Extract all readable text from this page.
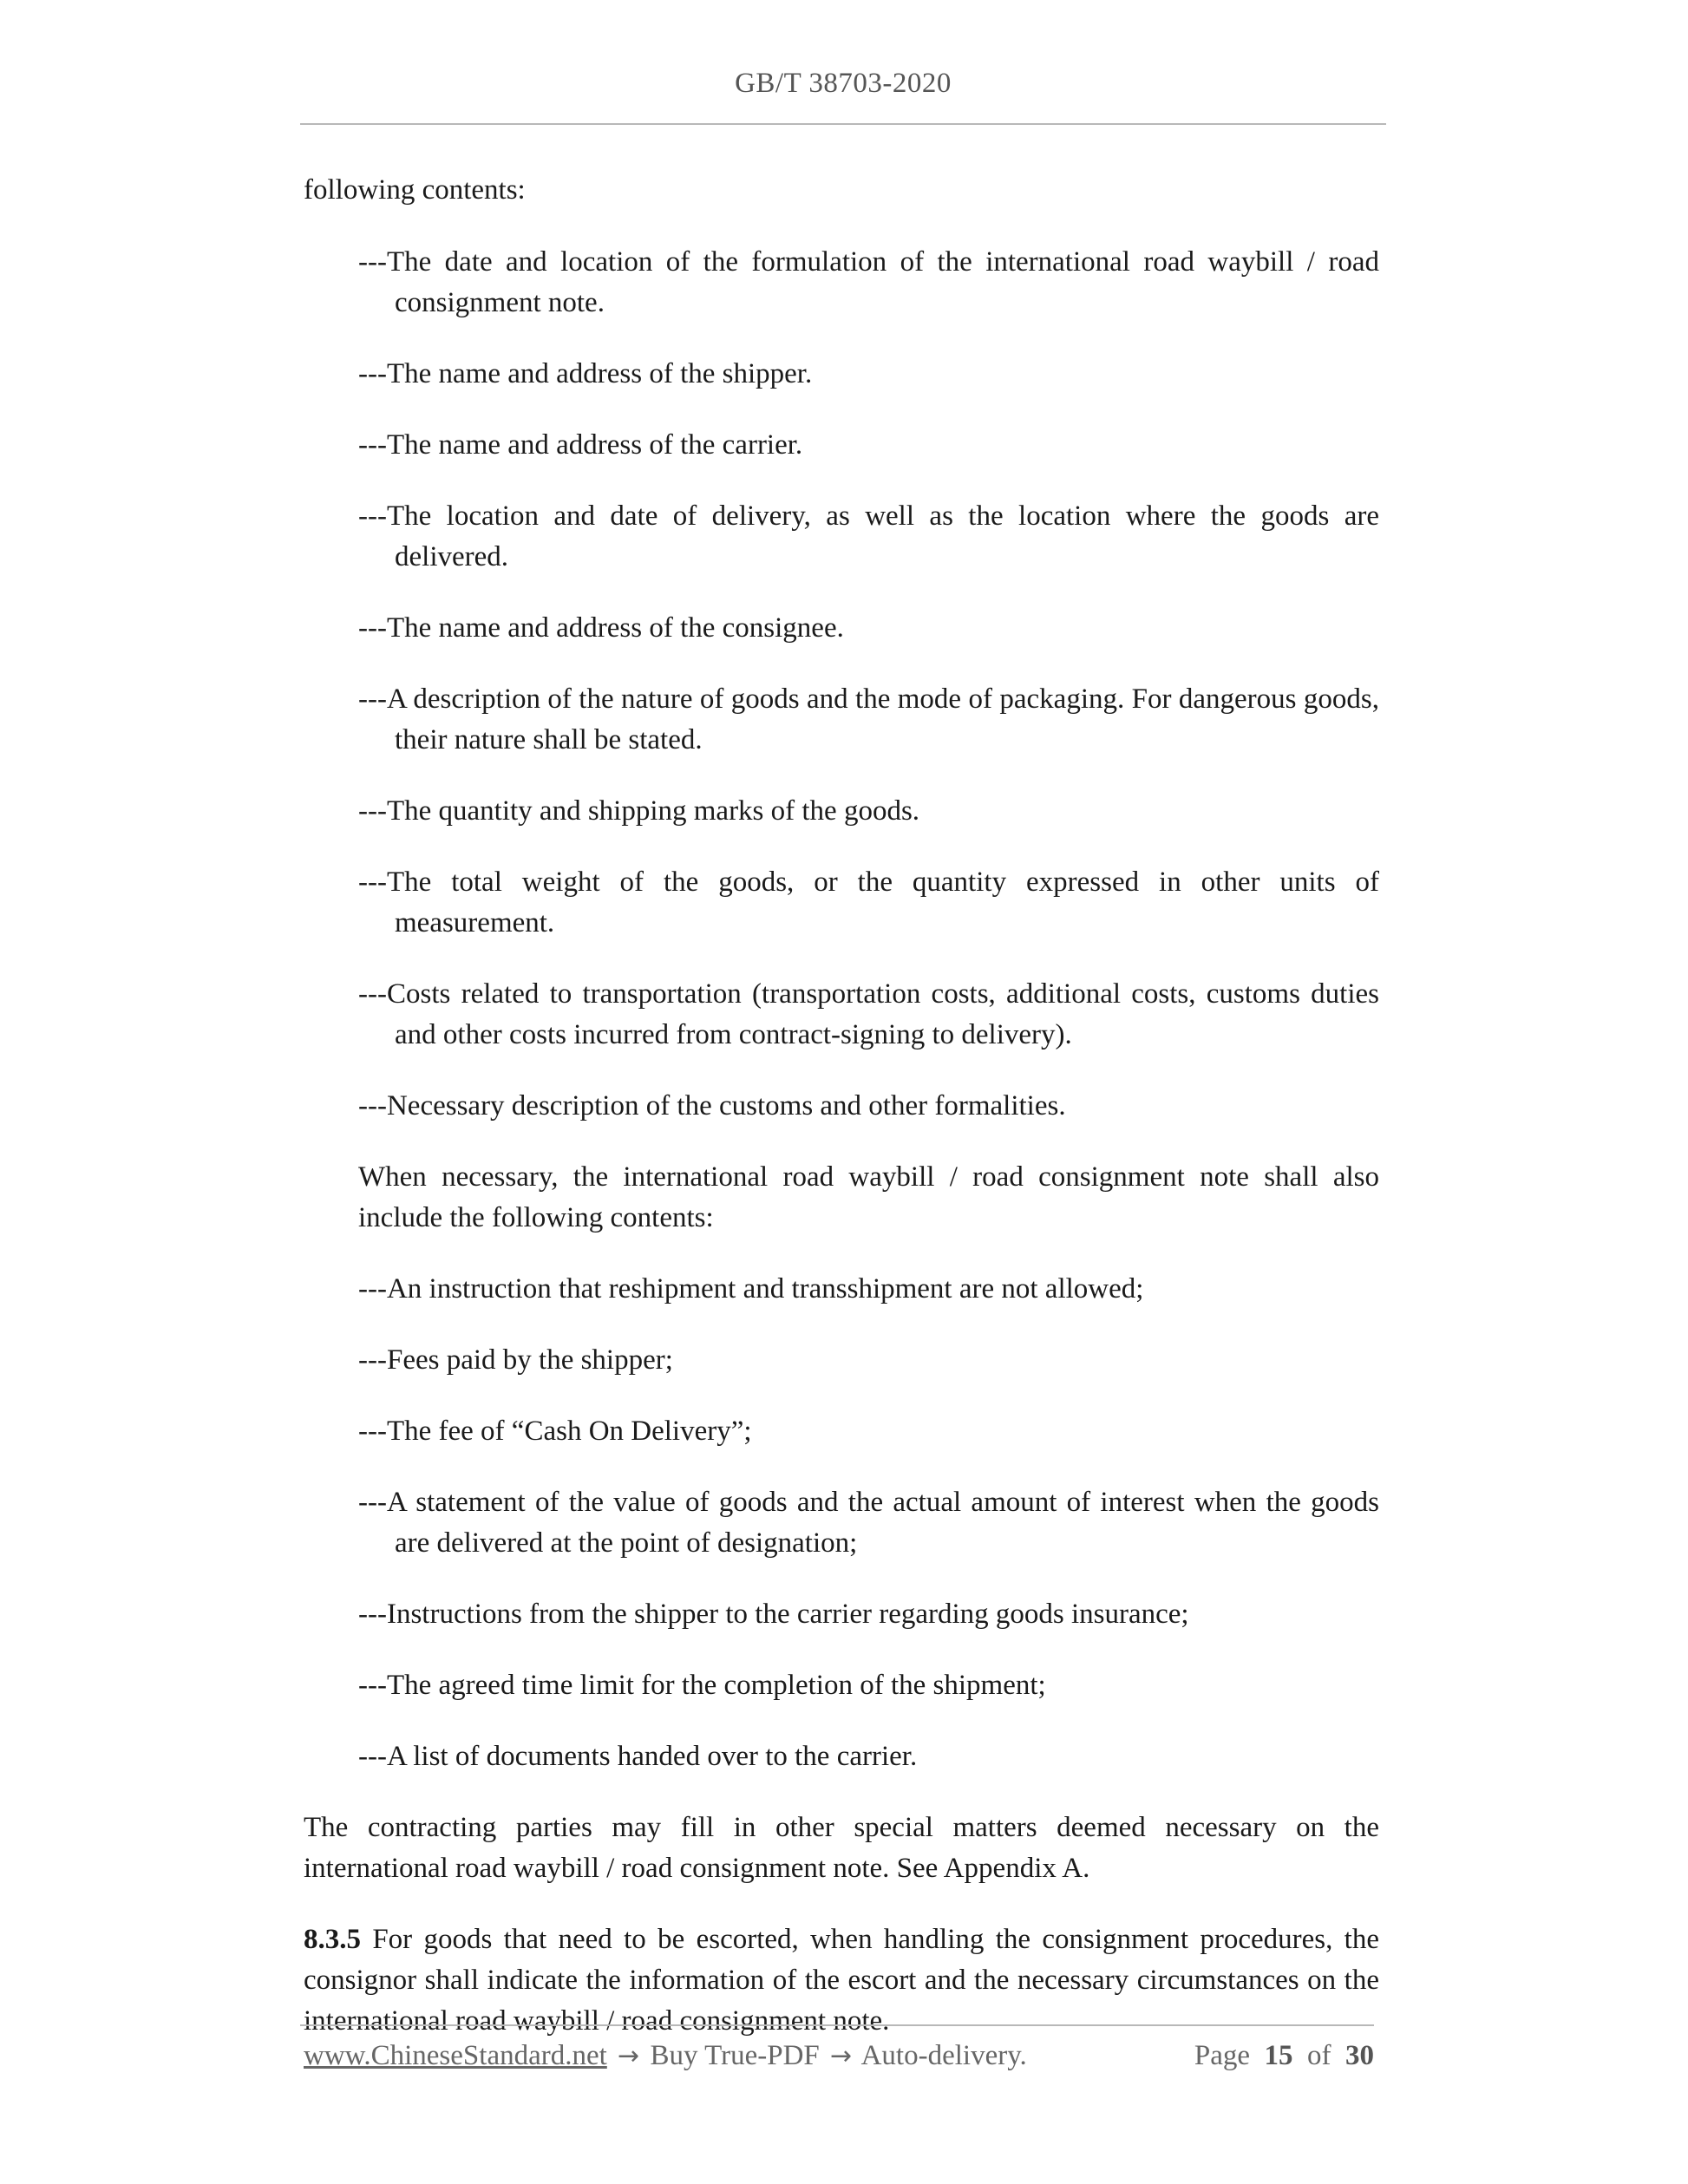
GB/T 38703-2020

following contents:

---The date and location of the formulation of the international road waybill / road consignment note.

---The name and address of the shipper.

---The name and address of the carrier.

---The location and date of delivery, as well as the location where the goods are delivered.

---The name and address of the consignee.

---A description of the nature of goods and the mode of packaging. For dangerous goods, their nature shall be stated.

---The quantity and shipping marks of the goods.

---The total weight of the goods, or the quantity expressed in other units of measurement.

---Costs related to transportation (transportation costs, additional costs, customs duties and other costs incurred from contract-signing to delivery).

---Necessary description of the customs and other formalities.

When necessary, the international road waybill / road consignment note shall also include the following contents:

---An instruction that reshipment and transshipment are not allowed;

---Fees paid by the shipper;

---The fee of “Cash On Delivery”;

---A statement of the value of goods and the actual amount of interest when the goods are delivered at the point of designation;

---Instructions from the shipper to the carrier regarding goods insurance;

---The agreed time limit for the completion of the shipment;

---A list of documents handed over to the carrier.

The contracting parties may fill in other special matters deemed necessary on the international road waybill / road consignment note. See Appendix A.

8.3.5 For goods that need to be escorted, when handling the consignment procedures, the consignor shall indicate the information of the escort and the necessary circumstances on the international road waybill / road consignment note.

www.ChineseStandard.net → Buy True-PDF → Auto-delivery.	Page 15 of 30
